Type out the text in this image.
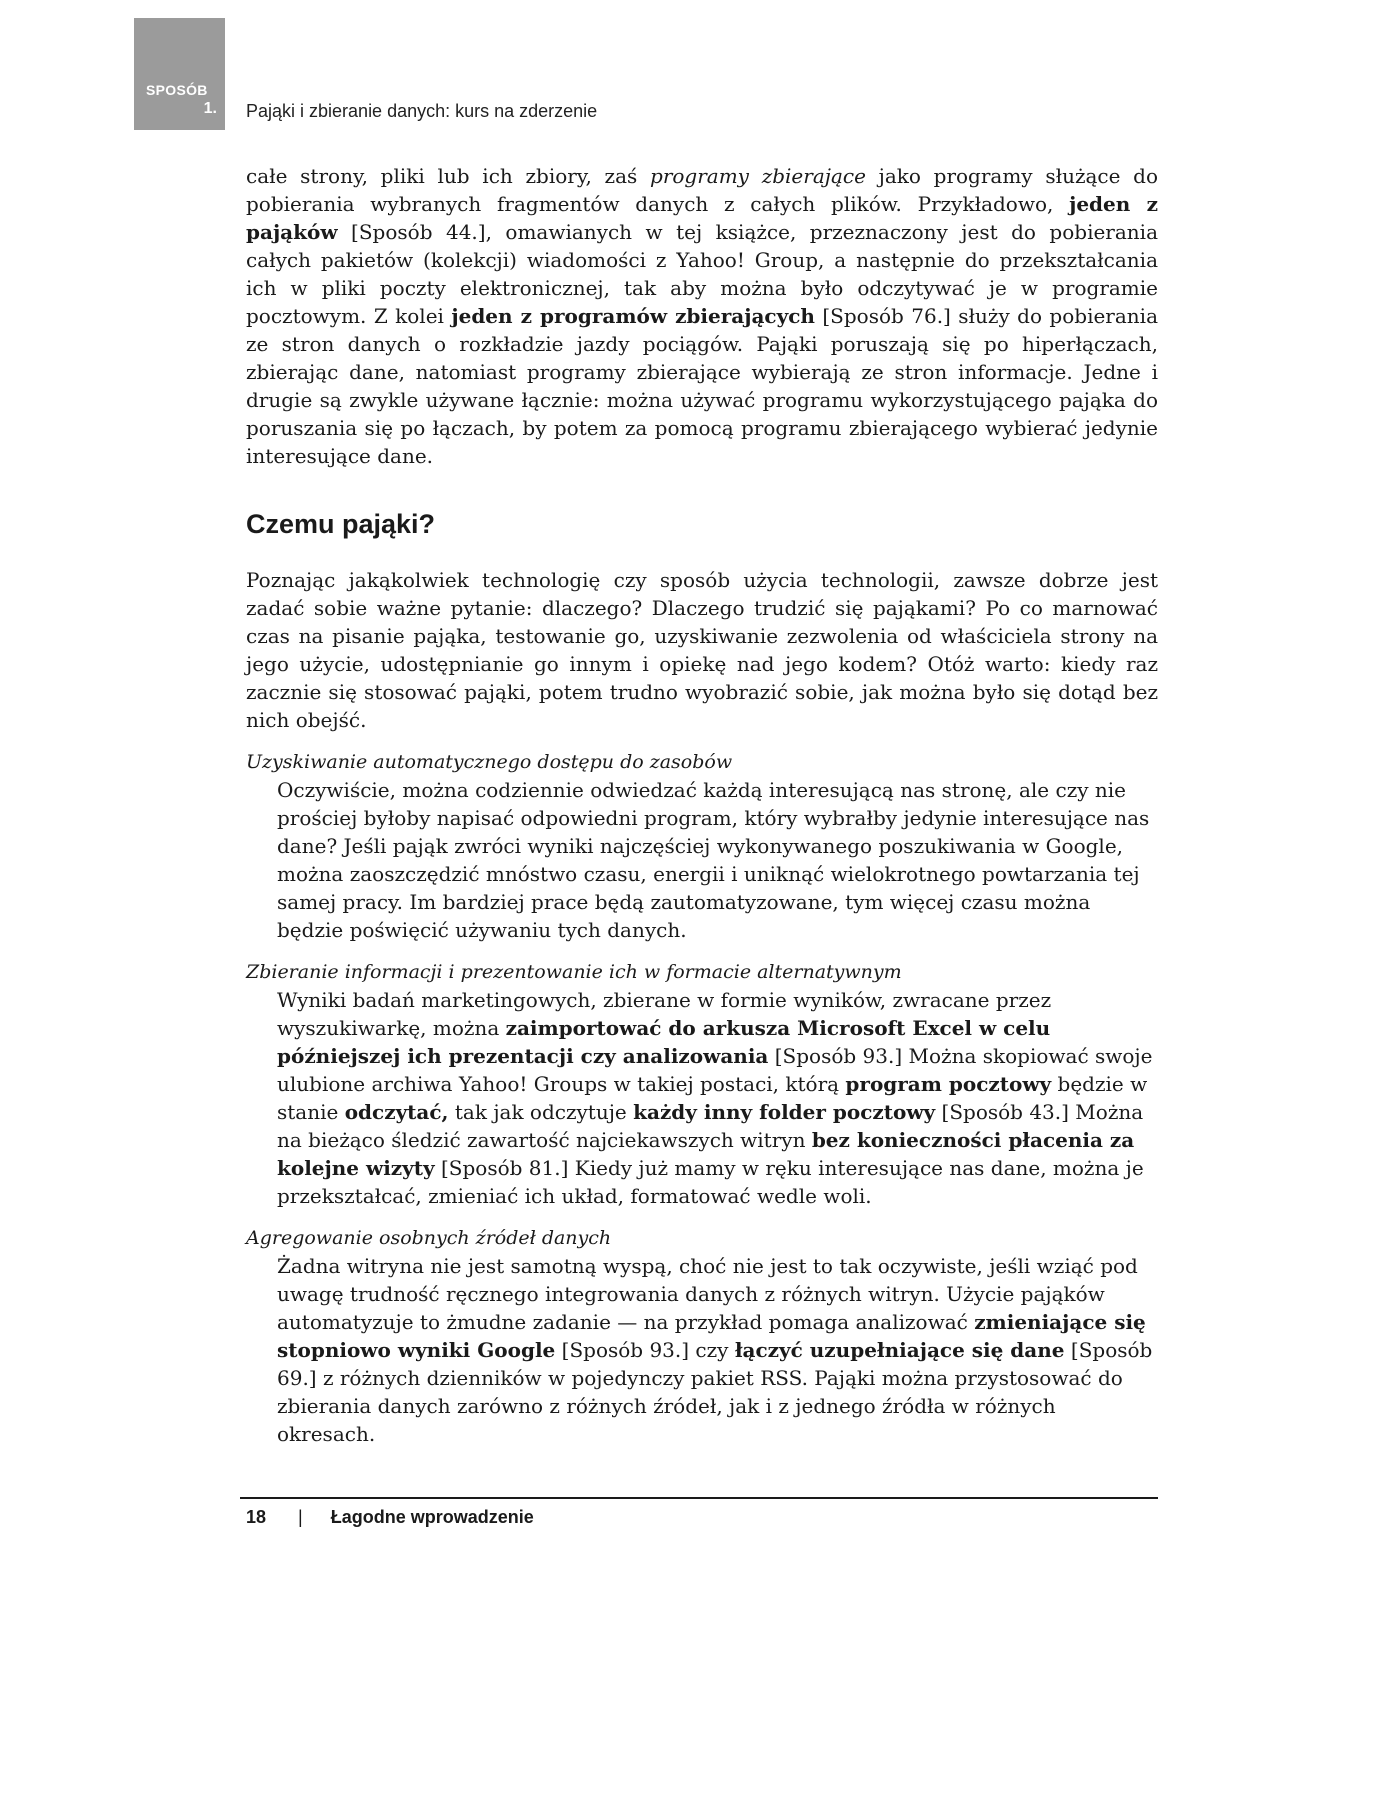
SPOSÓB
1. Pająki i zbieranie danych: kurs na zderzenie

całe strony, pliki lub ich zbiory, zaś programy zbierające jako programy służące do pobierania wybranych fragmentów danych z całych plików. Przykładowo, jeden z pająków [Sposób 44.], omawianych w tej książce, przeznaczony jest do pobierania całych pakietów (kolekcji) wiadomości z Yahoo! Group, a następnie do przekształcania ich w pliki poczty elektronicznej, tak aby można było odczytywać je w programie pocztowym. Z kolei jeden z programów zbierających [Sposób 76.] służy do pobierania ze stron danych o rozkładzie jazdy pociągów. Pająki poruszają się po hiperłączach, zbierając dane, natomiast programy zbierające wybierają ze stron informacje. Jedne i drugie są zwykle używane łącznie: można używać programu wykorzystującego pająka do poruszania się po łączach, by potem za pomocą programu zbierającego wybierać jedynie interesujące dane.

Czemu pająki?

Poznając jakąkolwiek technologię czy sposób użycia technologii, zawsze dobrze jest zadać sobie ważne pytanie: dlaczego? Dlaczego trudzić się pająkami? Po co marnować czas na pisanie pająka, testowanie go, uzyskiwanie zezwolenia od właściciela strony na jego użycie, udostępnianie go innym i opiekę nad jego kodem? Otóż warto: kiedy raz zacznie się stosować pająki, potem trudno wyobrazić sobie, jak można było się dotąd bez nich obejść.

Uzyskiwanie automatycznego dostępu do zasobów

Oczywiście, można codziennie odwiedzać każdą interesującą nas stronę, ale czy nie prościej byłoby napisać odpowiedni program, który wybrałby jedynie interesujące nas dane? Jeśli pająk zwróci wyniki najczęściej wykonywanego poszukiwania w Google, można zaoszczędzić mnóstwo czasu, energii i uniknąć wielokrotnego powtarzania tej samej pracy. Im bardziej prace będą zautomatyzowane, tym więcej czasu można będzie poświęcić używaniu tych danych.

Zbieranie informacji i prezentowanie ich w formacie alternatywnym

Wyniki badań marketingowych, zbierane w formie wyników, zwracane przez wyszukiwarkę, można zaimportować do arkusza Microsoft Excel w celu późniejszej ich prezentacji czy analizowania [Sposób 93.] Można skopiować swoje ulubione archiwa Yahoo! Groups w takiej postaci, którą program pocztowy będzie w stanie odczytać, tak jak odczytuje każdy inny folder pocztowy [Sposób 43.] Można na bieżąco śledzić zawartość najciekawszych witryn bez konieczności płacenia za kolejne wizyty [Sposób 81.] Kiedy już mamy w ręku interesujące nas dane, można je przekształcać, zmieniać ich układ, formatować wedle woli.

Agregowanie osobnych źródeł danych

Żadna witryna nie jest samotną wyspą, choć nie jest to tak oczywiste, jeśli wziąć pod uwagę trudność ręcznego integrowania danych z różnych witryn. Użycie pająków automatyzuje to żmudne zadanie — na przykład pomaga analizować zmieniające się stopniowo wyniki Google [Sposób 93.] czy łączyć uzupełniające się dane [Sposób 69.] z różnych dzienników w pojedynczy pakiet RSS. Pająki można przystosować do zbierania danych zarówno z różnych źródeł, jak i z jednego źródła w różnych okresach.

18 | Łagodne wprowadzenie
